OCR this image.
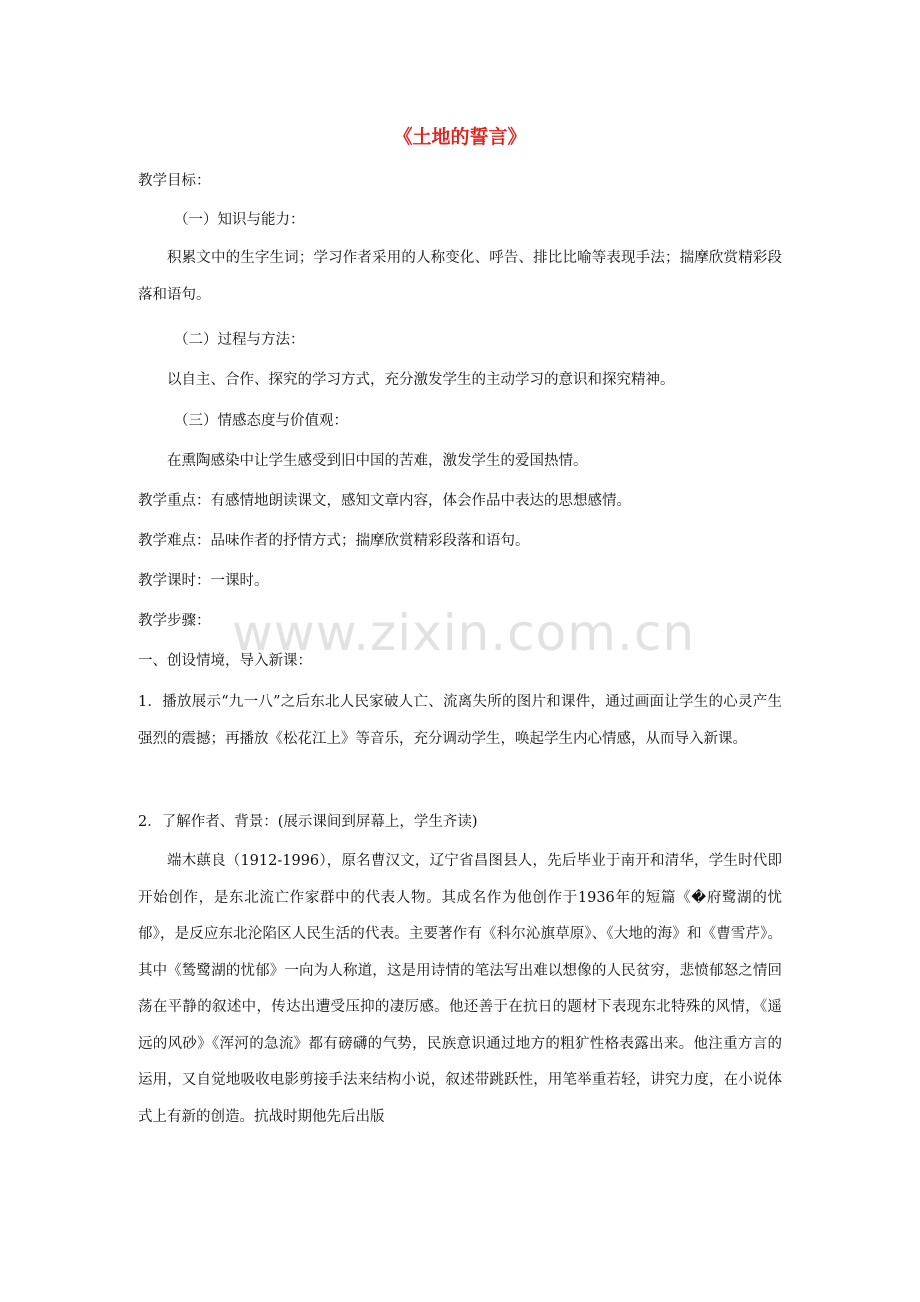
《土地的誓言》

教学目标：

（一）知识与能力：

积累文中的生字生词；学习作者采用的人称变化、呼告、排比比喻等表现手法；揣摩欣赏精彩段落和语句。

（二）过程与方法：

以自主、合作、探究的学习方式，充分激发学生的主动学习的意识和探究精神。

（三）情感态度与价值观：

在熏陶感染中让学生感受到旧中国的苦难，激发学生的爱国热情。

教学重点：有感情地朗读课文，感知文章内容，体会作品中表达的思想感情。

教学难点：品味作者的抒情方式；揣摩欣赏精彩段落和语句。

教学课时：一课时。

教学步骤：

一、创设情境，导入新课：

1．播放展示“九一八”之后东北人民家破人亡、流离失所的图片和课件，通过画面让学生的心灵产生强烈的震撼；再播放《松花江上》等音乐，充分调动学生，唤起学生内心情感，从而导入新课。

2．了解作者、背景：(展示课间到屏幕上，学生齐读)

端木蕻良（1912-1996），原名曹汉文，辽宁省昌图县人，先后毕业于南开和清华，学生时代即开始创作，是东北流亡作家群中的代表人物。其成名作为他创作于1936年的短篇《�府鹭湖的忧郁》，是反应东北沦陷区人民生活的代表。主要著作有《科尔沁旗草原》、《大地的海》和《曹雪芹》。其中《鸶鹭湖的忧郁》一向为人称道，这是用诗情的笔法写出难以想像的人民贫穷，悲愤郁怒之情回荡在平静的叙述中，传达出遭受压抑的凄厉感。他还善于在抗日的题材下表现东北特殊的风情，《遥远的风砂》《浑河的急流》都有磅礴的气势，民族意识通过地方的粗犷性格表露出来。他注重方言的运用，又自觉地吸收电影剪接手法来结构小说，叙述带跳跃性，用笔举重若轻，讲究力度，在小说体式上有新的创造。抗战时期他先后出版

www.zixin.com.cn
